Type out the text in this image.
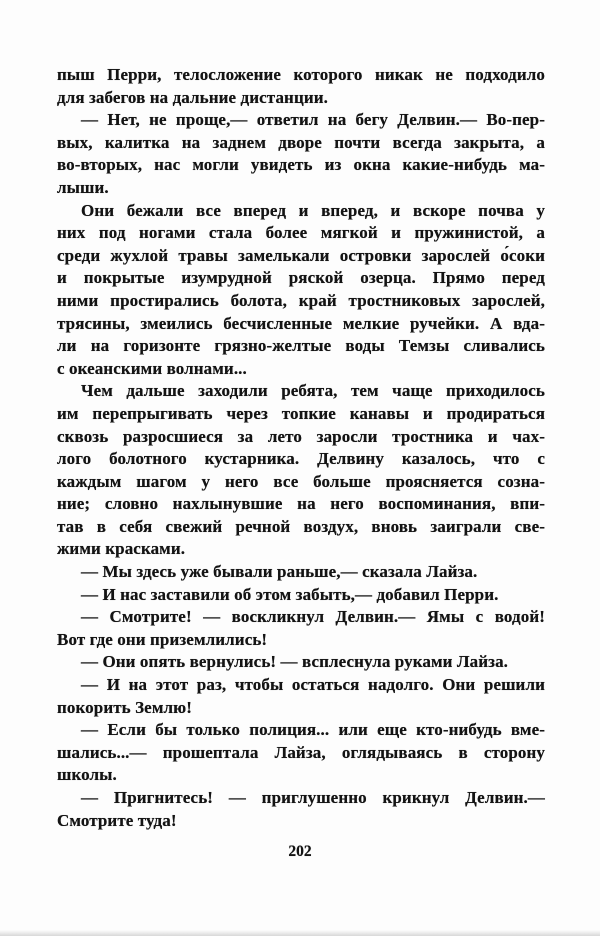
пыш Перри, телосложение которого никак не подходило
для забегов на дальние дистанции.
— Нет, не проще,— ответил на бегу Делвин.— Во-пер-
вых, калитка на заднем дворе почти всегда закрыта, а
во-вторых, нас могли увидеть из окна какие-нибудь ма-
лыши.
Они бежали все вперед и вперед, и вскоре почва у
них под ногами стала более мягкой и пружинистой, а
среди жухлой травы замелькали островки зарослей о́соки
и покрытые изумрудной ряской озерца. Прямо перед
ними простирались болота, край тростниковых зарослей,
трясины, змеились бесчисленные мелкие ручейки. А вда-
ли на горизонте грязно-желтые воды Темзы сливались
с океанскими волнами...
Чем дальше заходили ребята, тем чаще приходилось
им перепрыгивать через топкие канавы и продираться
сквозь разросшиеся за лето заросли тростника и чах-
лого болотного кустарника. Делвину казалось, что с
каждым шагом у него все больше проясняется созна-
ние; словно нахлынувшие на него воспоминания, впи-
тав в себя свежий речной воздух, вновь заиграли све-
жими красками.
— Мы здесь уже бывали раньше,— сказала Лайза.
— И нас заставили об этом забыть,— добавил Перри.
— Смотрите! — воскликнул Делвин.— Ямы с водой!
Вот где они приземлились!
— Они опять вернулись! — всплеснула руками Лайза.
— И на этот раз, чтобы остаться надолго. Они решили
покорить Землю!
— Если бы только полиция... или еще кто-нибудь вме-
шались...— прошептала Лайза, оглядываясь в сторону
школы.
— Пригнитесь! — приглушенно крикнул Делвин.—
Смотрите туда!
202
